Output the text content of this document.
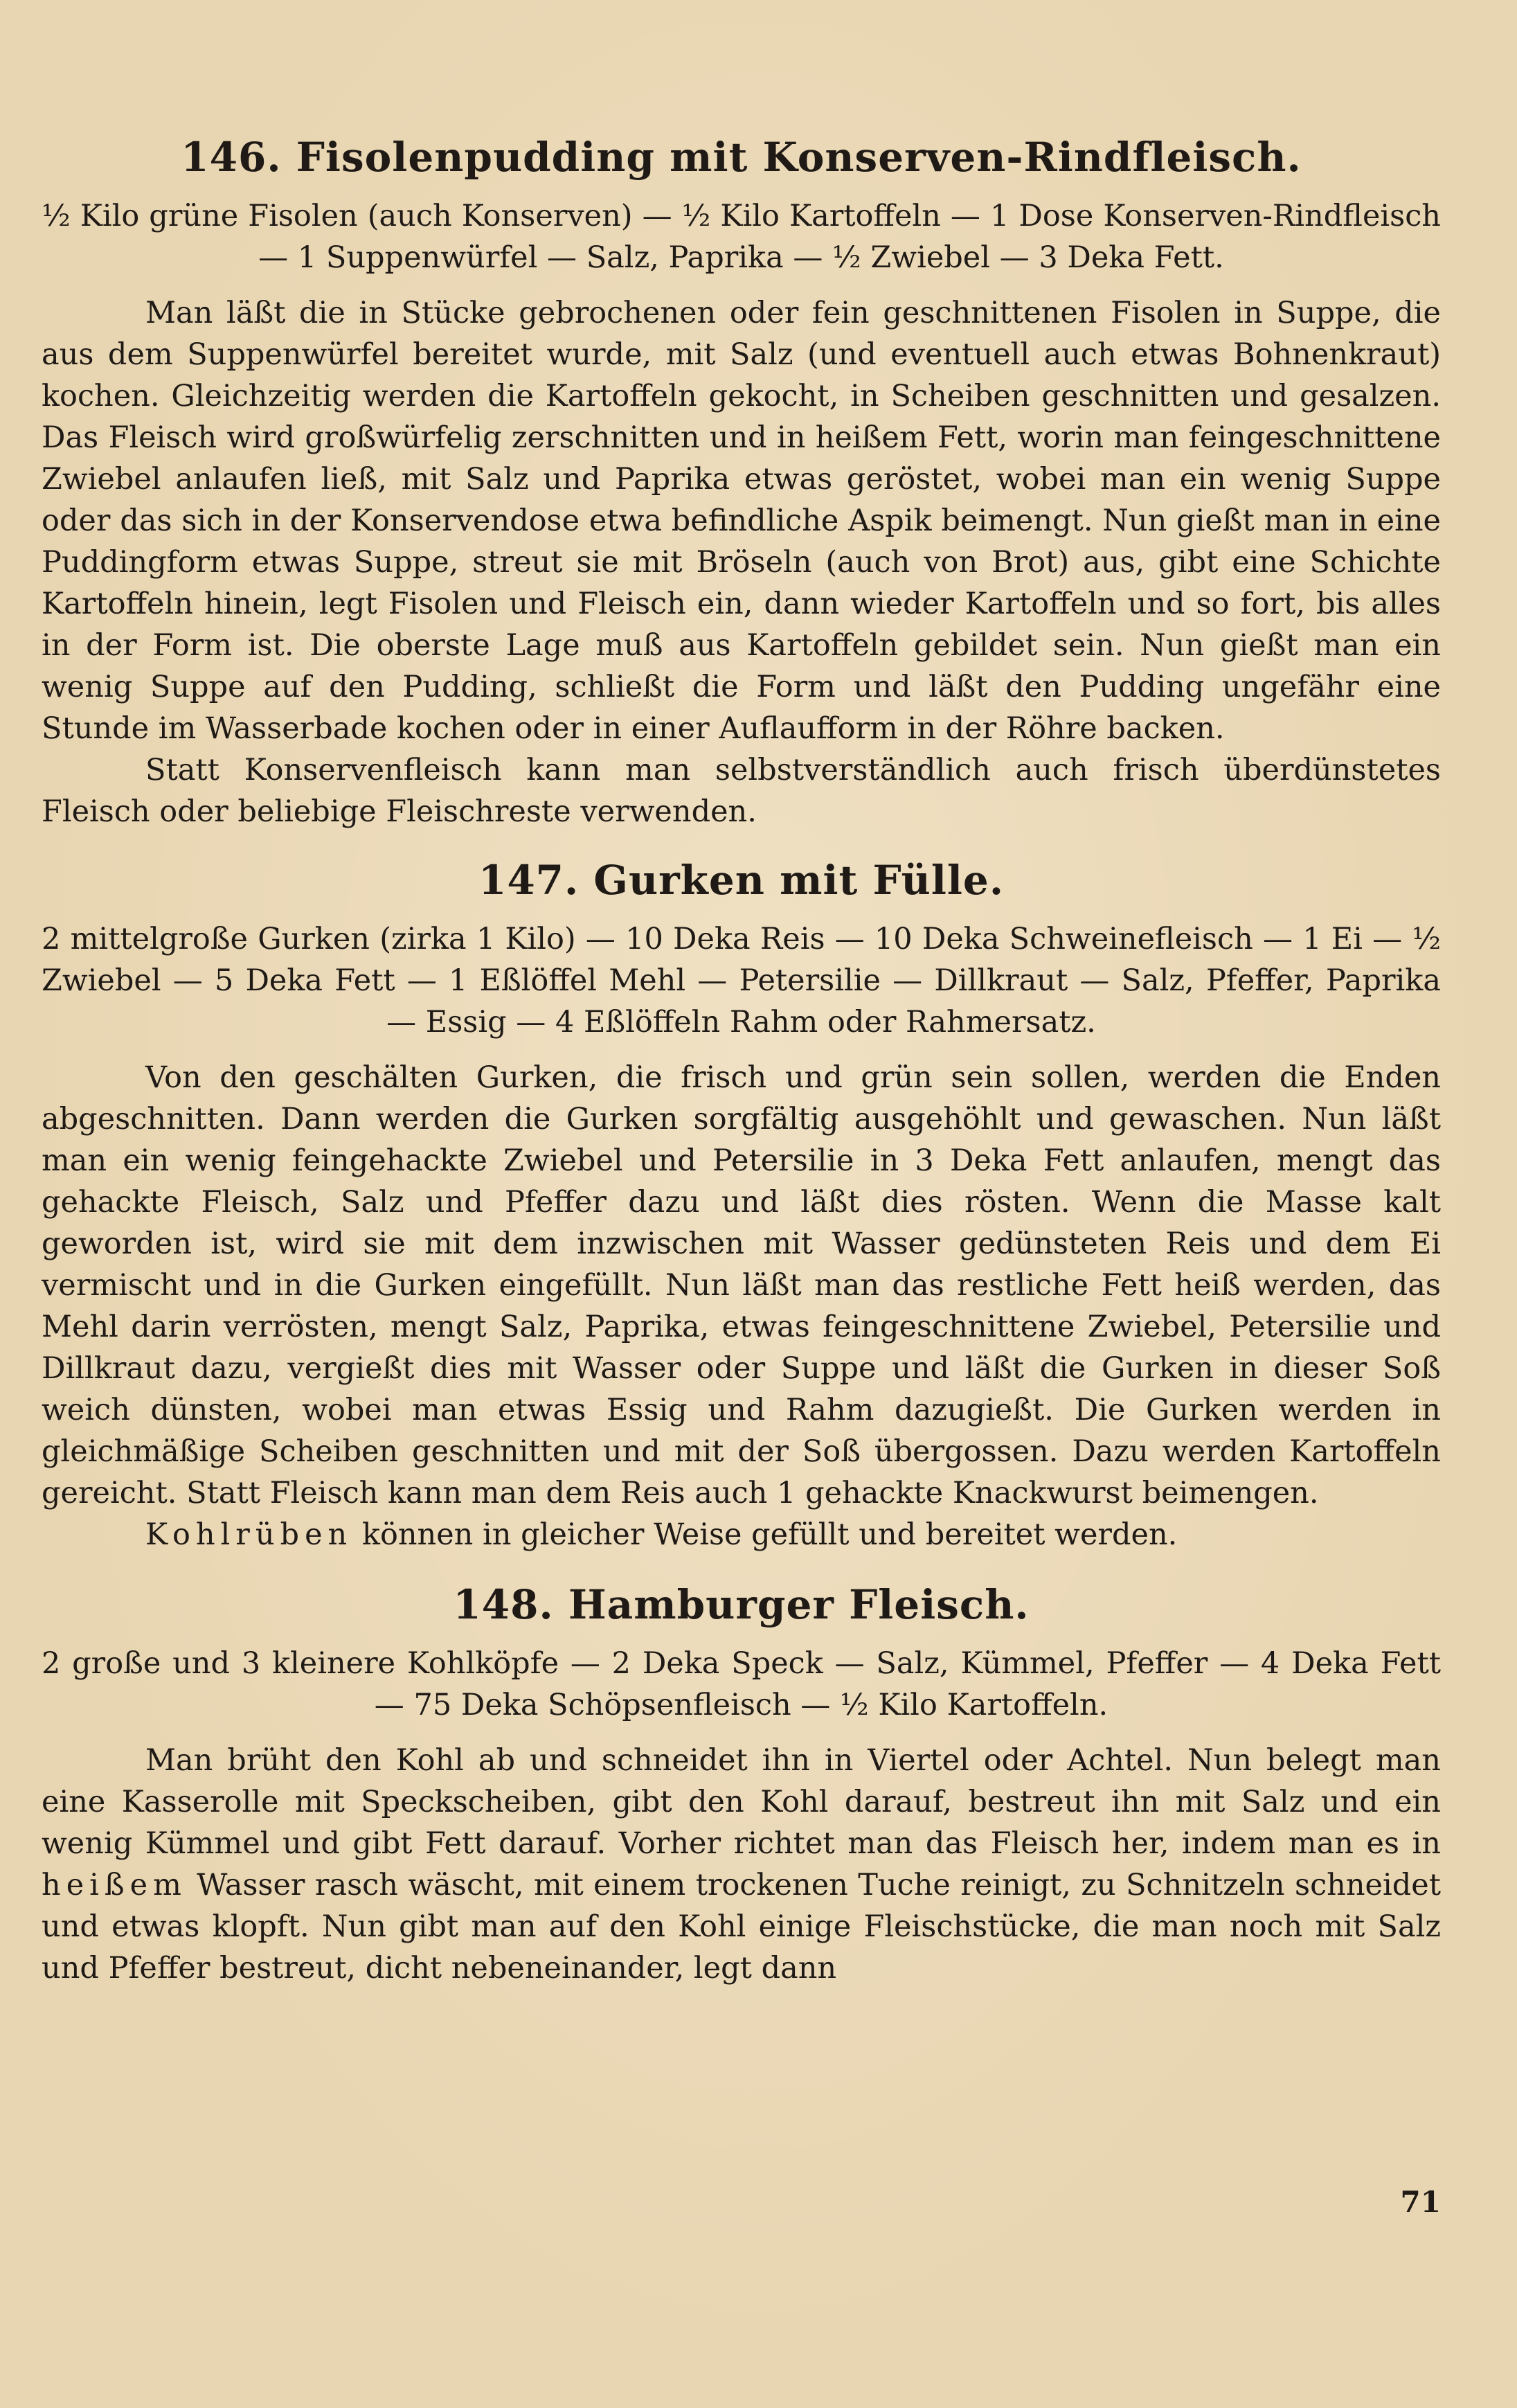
146. Fisolenpudding mit Konserven-Rindfleisch.

½ Kilo grüne Fisolen (auch Konserven) — ½ Kilo Kartoffeln — 1 Dose Konserven-Rindfleisch — 1 Suppenwürfel — Salz, Paprika — ½ Zwiebel — 3 Deka Fett.

Man läßt die in Stücke gebrochenen oder fein geschnittenen Fisolen in Suppe, die aus dem Suppenwürfel bereitet wurde, mit Salz (und eventuell auch etwas Bohnenkraut) kochen. Gleichzeitig werden die Kartoffeln gekocht, in Scheiben geschnitten und gesalzen. Das Fleisch wird großwürfelig zerschnitten und in heißem Fett, worin man feingeschnittene Zwiebel anlaufen ließ, mit Salz und Paprika etwas geröstet, wobei man ein wenig Suppe oder das sich in der Konservendose etwa befindliche Aspik beimengt. Nun gießt man in eine Puddingform etwas Suppe, streut sie mit Bröseln (auch von Brot) aus, gibt eine Schichte Kartoffeln hinein, legt Fisolen und Fleisch ein, dann wieder Kartoffeln und so fort, bis alles in der Form ist. Die oberste Lage muß aus Kartoffeln gebildet sein. Nun gießt man ein wenig Suppe auf den Pudding, schließt die Form und läßt den Pudding ungefähr eine Stunde im Wasserbade kochen oder in einer Auflaufform in der Röhre backen.

Statt Konservenfleisch kann man selbstverständlich auch frisch überdünstetes Fleisch oder beliebige Fleischreste verwenden.

147. Gurken mit Fülle.

2 mittelgroße Gurken (zirka 1 Kilo) — 10 Deka Reis — 10 Deka Schweinefleisch — 1 Ei — ½ Zwiebel — 5 Deka Fett — 1 Eßlöffel Mehl — Petersilie — Dillkraut — Salz, Pfeffer, Paprika — Essig — 4 Eßlöffeln Rahm oder Rahmersatz.

Von den geschälten Gurken, die frisch und grün sein sollen, werden die Enden abgeschnitten. Dann werden die Gurken sorgfältig ausgehöhlt und gewaschen. Nun läßt man ein wenig feingehackte Zwiebel und Petersilie in 3 Deka Fett anlaufen, mengt das gehackte Fleisch, Salz und Pfeffer dazu und läßt dies rösten. Wenn die Masse kalt geworden ist, wird sie mit dem inzwischen mit Wasser gedünsteten Reis und dem Ei vermischt und in die Gurken eingefüllt. Nun läßt man das restliche Fett heiß werden, das Mehl darin verrösten, mengt Salz, Paprika, etwas feingeschnittene Zwiebel, Petersilie und Dillkraut dazu, vergießt dies mit Wasser oder Suppe und läßt die Gurken in dieser Soß weich dünsten, wobei man etwas Essig und Rahm dazugießt. Die Gurken werden in gleichmäßige Scheiben geschnitten und mit der Soß übergossen. Dazu werden Kartoffeln gereicht. Statt Fleisch kann man dem Reis auch 1 gehackte Knackwurst beimengen.

Kohlrüben können in gleicher Weise gefüllt und bereitet werden.

148. Hamburger Fleisch.

2 große und 3 kleinere Kohlköpfe — 2 Deka Speck — Salz, Kümmel, Pfeffer — 4 Deka Fett — 75 Deka Schöpsenfleisch — ½ Kilo Kartoffeln.

Man brüht den Kohl ab und schneidet ihn in Viertel oder Achtel. Nun belegt man eine Kasserolle mit Speckscheiben, gibt den Kohl darauf, bestreut ihn mit Salz und ein wenig Kümmel und gibt Fett darauf. Vorher richtet man das Fleisch her, indem man es in heißem Wasser rasch wäscht, mit einem trockenen Tuche reinigt, zu Schnitzeln schneidet und etwas klopft. Nun gibt man auf den Kohl einige Fleischstücke, die man noch mit Salz und Pfeffer bestreut, dicht nebeneinander, legt dann

71
